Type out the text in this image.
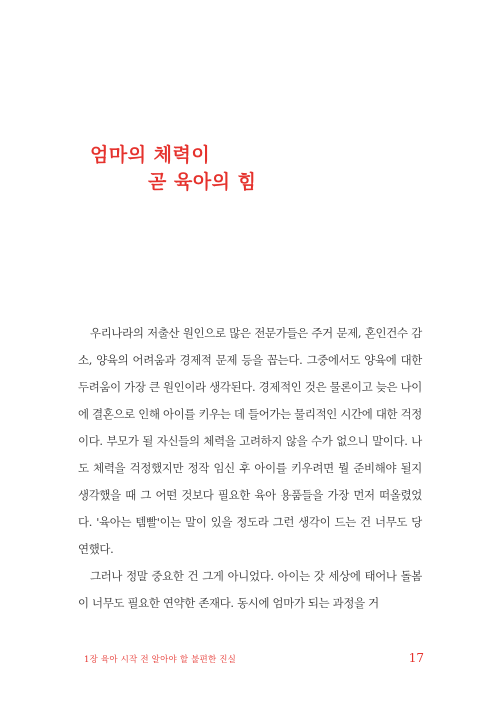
엄마의 체력이
곧 육아의 힘

우리나라의 저출산 원인으로 많은 전문가들은 주거 문제, 혼인건수 감소, 양육의 어려움과 경제적 문제 등을 꼽는다. 그중에서도 양육에 대한 두려움이 가장 큰 원인이라 생각된다. 경제적인 것은 물론이고 늦은 나이에 결혼으로 인해 아이를 키우는 데 들어가는 물리적인 시간에 대한 걱정이다. 부모가 될 자신들의 체력을 고려하지 않을 수가 없으니 말이다. 나도 체력을 걱정했지만 정작 임신 후 아이를 키우려면 뭘 준비해야 될지 생각했을 때 그 어떤 것보다 필요한 육아 용품들을 가장 먼저 떠올렸었다. '육아는 템빨'이는 말이 있을 정도라 그런 생각이 드는 건 너무도 당연했다.

그러나 정말 중요한 건 그게 아니었다. 아이는 갓 세상에 태어나 돌봄이 너무도 필요한 연약한 존재다. 동시에 엄마가 되는 과정을 거

1장 육아 시작 전 알아야 할 불편한 진실	17
